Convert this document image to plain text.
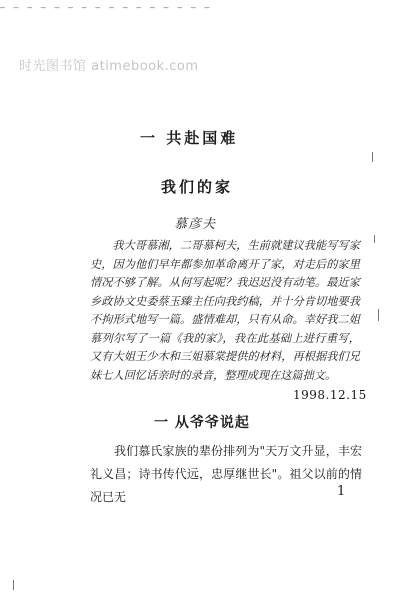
— — — — — — — — — — — — — — — —
时光图书馆 atimebook.com
一 共赴国难
我们的家
慕彦夫

我大哥慕湘，二哥慕柯夫，生前就建议我能写写家史，因为他们早年都参加革命离开了家，对走后的家里情况不够了解。从何写起呢？我迟迟没有动笔。最近家乡政协文史委蔡玉臻主任向我约稿，并十分肯切地要我不拘形式地写一篇。盛情难却，只有从命。幸好我二姐慕列尔写了一篇《我的家》，我在此基础上进行重写，又有大姐王少木和三姐慕棠提供的材料，再根据我们兄妹七人回忆话亲时的录音，整理成现在这篇拙文。

1998.12.15
一 从爷爷说起

我们慕氏家族的辈份排列为"天万文升显，丰宏礼义昌；诗书传代远，忠厚继世长"。祖父以前的情况已无	1
